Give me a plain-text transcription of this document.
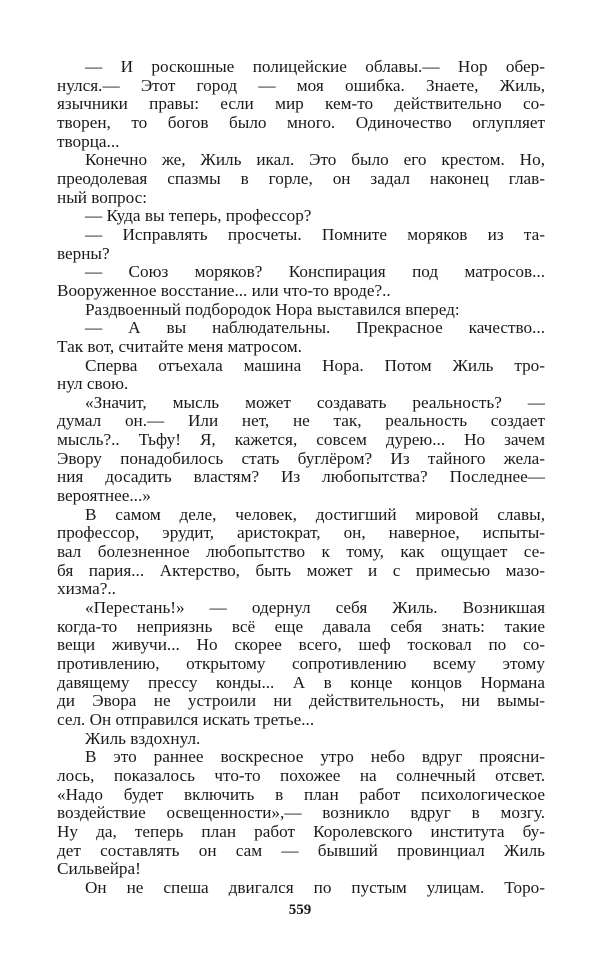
— И роскошные полицейские облавы.— Нор обер-
нулся.— Этот город — моя ошибка. Знаете, Жиль,
язычники правы: если мир кем-то действительно со-
творен, то богов было много. Одиночество оглупляет
творца...
Конечно же, Жиль икал. Это было его крестом. Но,
преодолевая спазмы в горле, он задал наконец глав-
ный вопрос:
— Куда вы теперь, профессор?
— Исправлять просчеты. Помните моряков из та-
верны?
— Союз моряков? Конспирация под матросов...
Вооруженное восстание... или что-то вроде?..
Раздвоенный подбородок Нора выставился вперед:
— А вы наблюдательны. Прекрасное качество...
Так вот, считайте меня матросом.
Сперва отъехала машина Нора. Потом Жиль тро-
нул свою.
«Значит, мысль может создавать реальность? —
думал он.— Или нет, не так, реальность создает
мысль?.. Тьфу! Я, кажется, совсем дурею... Но зачем
Эвору понадобилось стать буглёром? Из тайного жела-
ния досадить властям? Из любопытства? Последнее—
вероятнее...»
В самом деле, человек, достигший мировой славы,
профессор, эрудит, аристократ, он, наверное, испыты-
вал болезненное любопытство к тому, как ощущает се-
бя пария... Актерство, быть может и с примесью мазо-
хизма?..
«Перестань!» — одернул себя Жиль. Возникшая
когда-то неприязнь всё еще давала себя знать: такие
вещи живучи... Но скорее всего, шеф тосковал по со-
противлению, открытому сопротивлению всему этому
давящему прессу конды... А в конце концов Нормана
ди Эвора не устроили ни действительность, ни вымы-
сел. Он отправился искать третье...
Жиль вздохнул.
В это раннее воскресное утро небо вдруг проясни-
лось, показалось что-то похожее на солнечный отсвет.
«Надо будет включить в план работ психологическое
воздействие освещенности»,— возникло вдруг в мозгу.
Ну да, теперь план работ Королевского института бу-
дет составлять он сам — бывший провинциал Жиль
Сильвейра!
Он не спеша двигался по пустым улицам. Торо-
559
